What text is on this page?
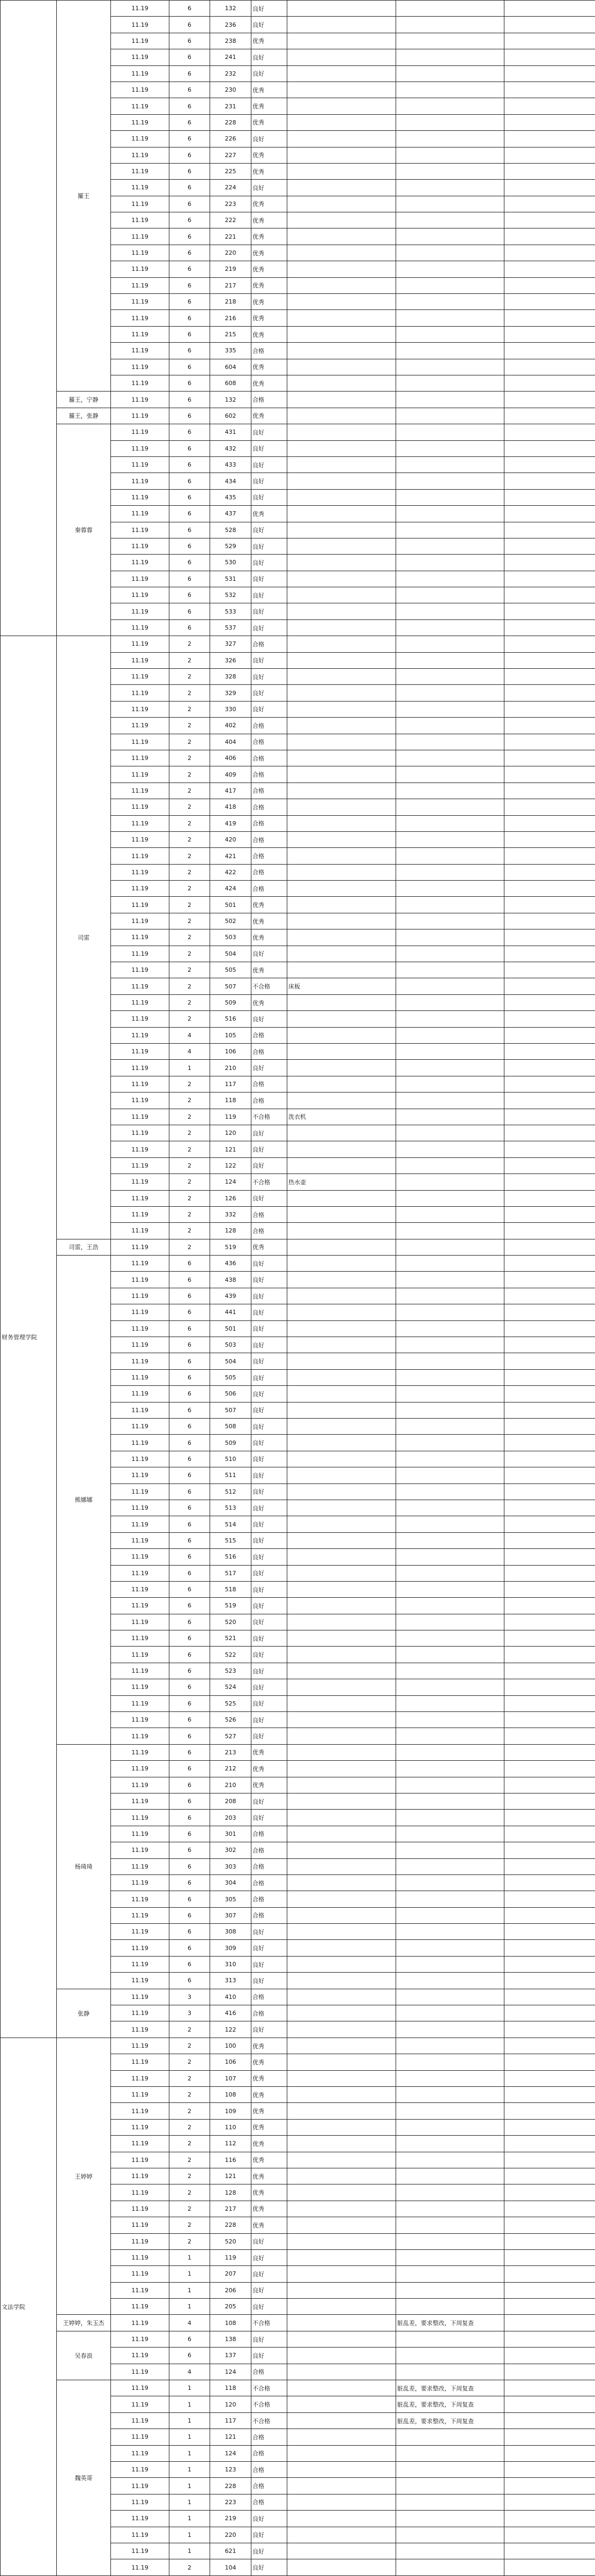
	羅王	11.19	6	132	良好			
		11.19	6	236	良好			
		11.19	6	238	优秀			
		11.19	6	241	良好			
		11.19	6	232	良好			
		11.19	6	230	优秀			
		11.19	6	231	优秀			
		11.19	6	228	优秀			
		11.19	6	226	良好			
		11.19	6	227	优秀			
		11.19	6	225	优秀			
		11.19	6	224	良好			
		11.19	6	223	优秀			
		11.19	6	222	优秀			
		11.19	6	221	优秀			
		11.19	6	220	优秀			
		11.19	6	219	优秀			
		11.19	6	217	优秀			
		11.19	6	218	优秀			
		11.19	6	216	优秀			
		11.19	6	215	优秀			
		11.19	6	335	合格			
		11.19	6	604	优秀			
		11.19	6	608	优秀			
	羅王，宁静	11.19	6	132	合格			
	羅王，张静	11.19	6	602	优秀			
	秦蓉蓉	11.19	6	431	良好			
		11.19	6	432	良好			
		11.19	6	433	良好			
		11.19	6	434	良好			
		11.19	6	435	良好			
		11.19	6	437	优秀			
		11.19	6	528	良好			
		11.19	6	529	良好			
		11.19	6	530	良好			
		11.19	6	531	良好			
		11.19	6	532	良好			
		11.19	6	533	良好			
		11.19	6	537	良好			
财务管理学院	司雷	11.19	2	327	合格			
		11.19	2	326	良好			
		11.19	2	328	良好			
		11.19	2	329	良好			
		11.19	2	330	良好			
		11.19	2	402	合格			
		11.19	2	404	合格			
		11.19	2	406	合格			
		11.19	2	409	合格			
		11.19	2	417	合格			
		11.19	2	418	合格			
		11.19	2	419	合格			
		11.19	2	420	合格			
		11.19	2	421	合格			
		11.19	2	422	合格			
		11.19	2	424	合格			
		11.19	2	501	优秀			
		11.19	2	502	优秀			
		11.19	2	503	优秀			
		11.19	2	504	良好			
		11.19	2	505	优秀			
		11.19	2	507	不合格	床板		
		11.19	2	509	优秀			
		11.19	2	516	良好			
		11.19	4	105	合格			
		11.19	4	106	合格			
		11.19	1	210	良好			
		11.19	2	117	合格			
		11.19	2	118	合格			
		11.19	2	119	不合格	洗衣机		
		11.19	2	120	良好			
		11.19	2	121	良好			
		11.19	2	122	良好			
		11.19	2	124	不合格	热水壶		
		11.19	2	126	良好			
		11.19	2	332	合格			
		11.19	2	128	合格			
	司雷，王浩	11.19	2	519	优秀			
	熊娜娜	11.19	6	436	良好			
		11.19	6	438	良好			
		11.19	6	439	良好			
		11.19	6	441	良好			
		11.19	6	501	良好			
		11.19	6	503	良好			
		11.19	6	504	良好			
		11.19	6	505	良好			
		11.19	6	506	良好			
		11.19	6	507	良好			
		11.19	6	508	良好			
		11.19	6	509	良好			
		11.19	6	510	良好			
		11.19	6	511	良好			
		11.19	6	512	良好			
		11.19	6	513	良好			
		11.19	6	514	良好			
		11.19	6	515	良好			
		11.19	6	516	良好			
		11.19	6	517	良好			
		11.19	6	518	良好			
		11.19	6	519	良好			
		11.19	6	520	良好			
		11.19	6	521	良好			
		11.19	6	522	良好			
		11.19	6	523	良好			
		11.19	6	524	良好			
		11.19	6	525	良好			
		11.19	6	526	良好			
		11.19	6	527	良好			
	杨琦琦	11.19	6	213	优秀			
		11.19	6	212	优秀			
		11.19	6	210	优秀			
		11.19	6	208	良好			
		11.19	6	203	良好			
		11.19	6	301	合格			
		11.19	6	302	合格			
		11.19	6	303	合格			
		11.19	6	304	合格			
		11.19	6	305	合格			
		11.19	6	307	合格			
		11.19	6	308	良好			
		11.19	6	309	良好			
		11.19	6	310	良好			
		11.19	6	313	良好			
	张静	11.19	3	410	合格			
		11.19	3	416	合格			
		11.19	2	122	良好			
文法学院	王婷婷	11.19	2	100	优秀			
		11.19	2	106	优秀			
		11.19	2	107	优秀			
		11.19	2	108	优秀			
		11.19	2	109	优秀			
		11.19	2	110	优秀			
		11.19	2	112	优秀			
		11.19	2	116	优秀			
		11.19	2	121	优秀			
		11.19	2	128	优秀			
		11.19	2	217	优秀			
		11.19	2	228	优秀			
		11.19	2	520	良好			
		11.19	1	119	良好			
		11.19	1	207	良好			
		11.19	1	206	良好			
		11.19	1	205	良好			
	王婷婷，朱玉杰	11.19	4	108	不合格		脏乱差，要求整改，下周复查	
	吴春浪	11.19	6	138	良好			
		11.19	6	137	良好			
		11.19	4	124	合格			
	魏英哥	11.19	1	118	不合格		脏乱差，要求整改，下周复查	
		11.19	1	120	不合格		脏乱差，要求整改，下周复查	
		11.19	1	117	不合格		脏乱差，要求整改，下周复查	
		11.19	1	121	合格			
		11.19	1	124	合格			
		11.19	1	123	合格			
		11.19	1	228	合格			
		11.19	1	223	合格			
		11.19	1	219	良好			
		11.19	1	220	良好			
		11.19	1	621	良好			
		11.19	2	104	良好			
